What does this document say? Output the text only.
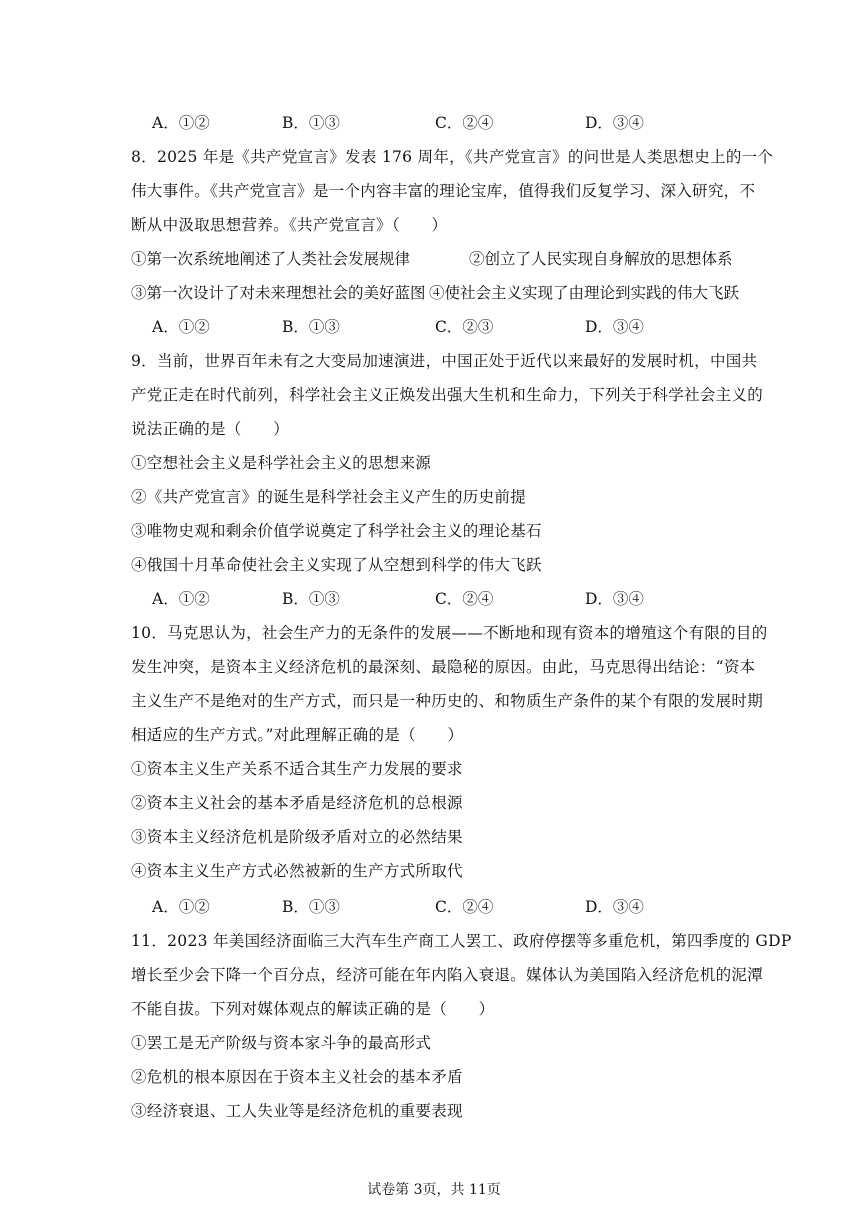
A．①②	B．①③	C．②④	D．③④
8．2025 年是《共产党宣言》发表 176 周年，《共产党宣言》的问世是人类思想史上的一个
伟大事件。《共产党宣言》是一个内容丰富的理论宝库，值得我们反复学习、深入研究，不
断从中汲取思想营养。《共产党宣言》（　　）
①第一次系统地阐述了人类社会发展规律	②创立了人民实现自身解放的思想体系
③第一次设计了对未来理想社会的美好蓝图 ④使社会主义实现了由理论到实践的伟大飞跃
A．①②	B．①③	C．②③	D．③④
9．当前，世界百年未有之大变局加速演进，中国正处于近代以来最好的发展时机，中国共
产党正走在时代前列，科学社会主义正焕发出强大生机和生命力，下列关于科学社会主义的
说法正确的是（　　）
①空想社会主义是科学社会主义的思想来源
②《共产党宣言》的诞生是科学社会主义产生的历史前提
③唯物史观和剩余价值学说奠定了科学社会主义的理论基石
④俄国十月革命使社会主义实现了从空想到科学的伟大飞跃
A．①②	B．①③	C．②④	D．③④
10．马克思认为，社会生产力的无条件的发展——不断地和现有资本的增殖这个有限的目的
发生冲突，是资本主义经济危机的最深刻、最隐秘的原因。由此，马克思得出结论：“资本
主义生产不是绝对的生产方式，而只是一种历史的、和物质生产条件的某个有限的发展时期
相适应的生产方式。”对此理解正确的是（　　）
①资本主义生产关系不适合其生产力发展的要求
②资本主义社会的基本矛盾是经济危机的总根源
③资本主义经济危机是阶级矛盾对立的必然结果
④资本主义生产方式必然被新的生产方式所取代
A．①②	B．①③	C．②④	D．③④
11．2023 年美国经济面临三大汽车生产商工人罢工、政府停摆等多重危机，第四季度的 GDP
增长至少会下降一个百分点，经济可能在年内陷入衰退。媒体认为美国陷入经济危机的泥潭
不能自拔。下列对媒体观点的解读正确的是（　　）
①罢工是无产阶级与资本家斗争的最高形式
②危机的根本原因在于资本主义社会的基本矛盾
③经济衰退、工人失业等是经济危机的重要表现
试卷第 3页，共 11页
